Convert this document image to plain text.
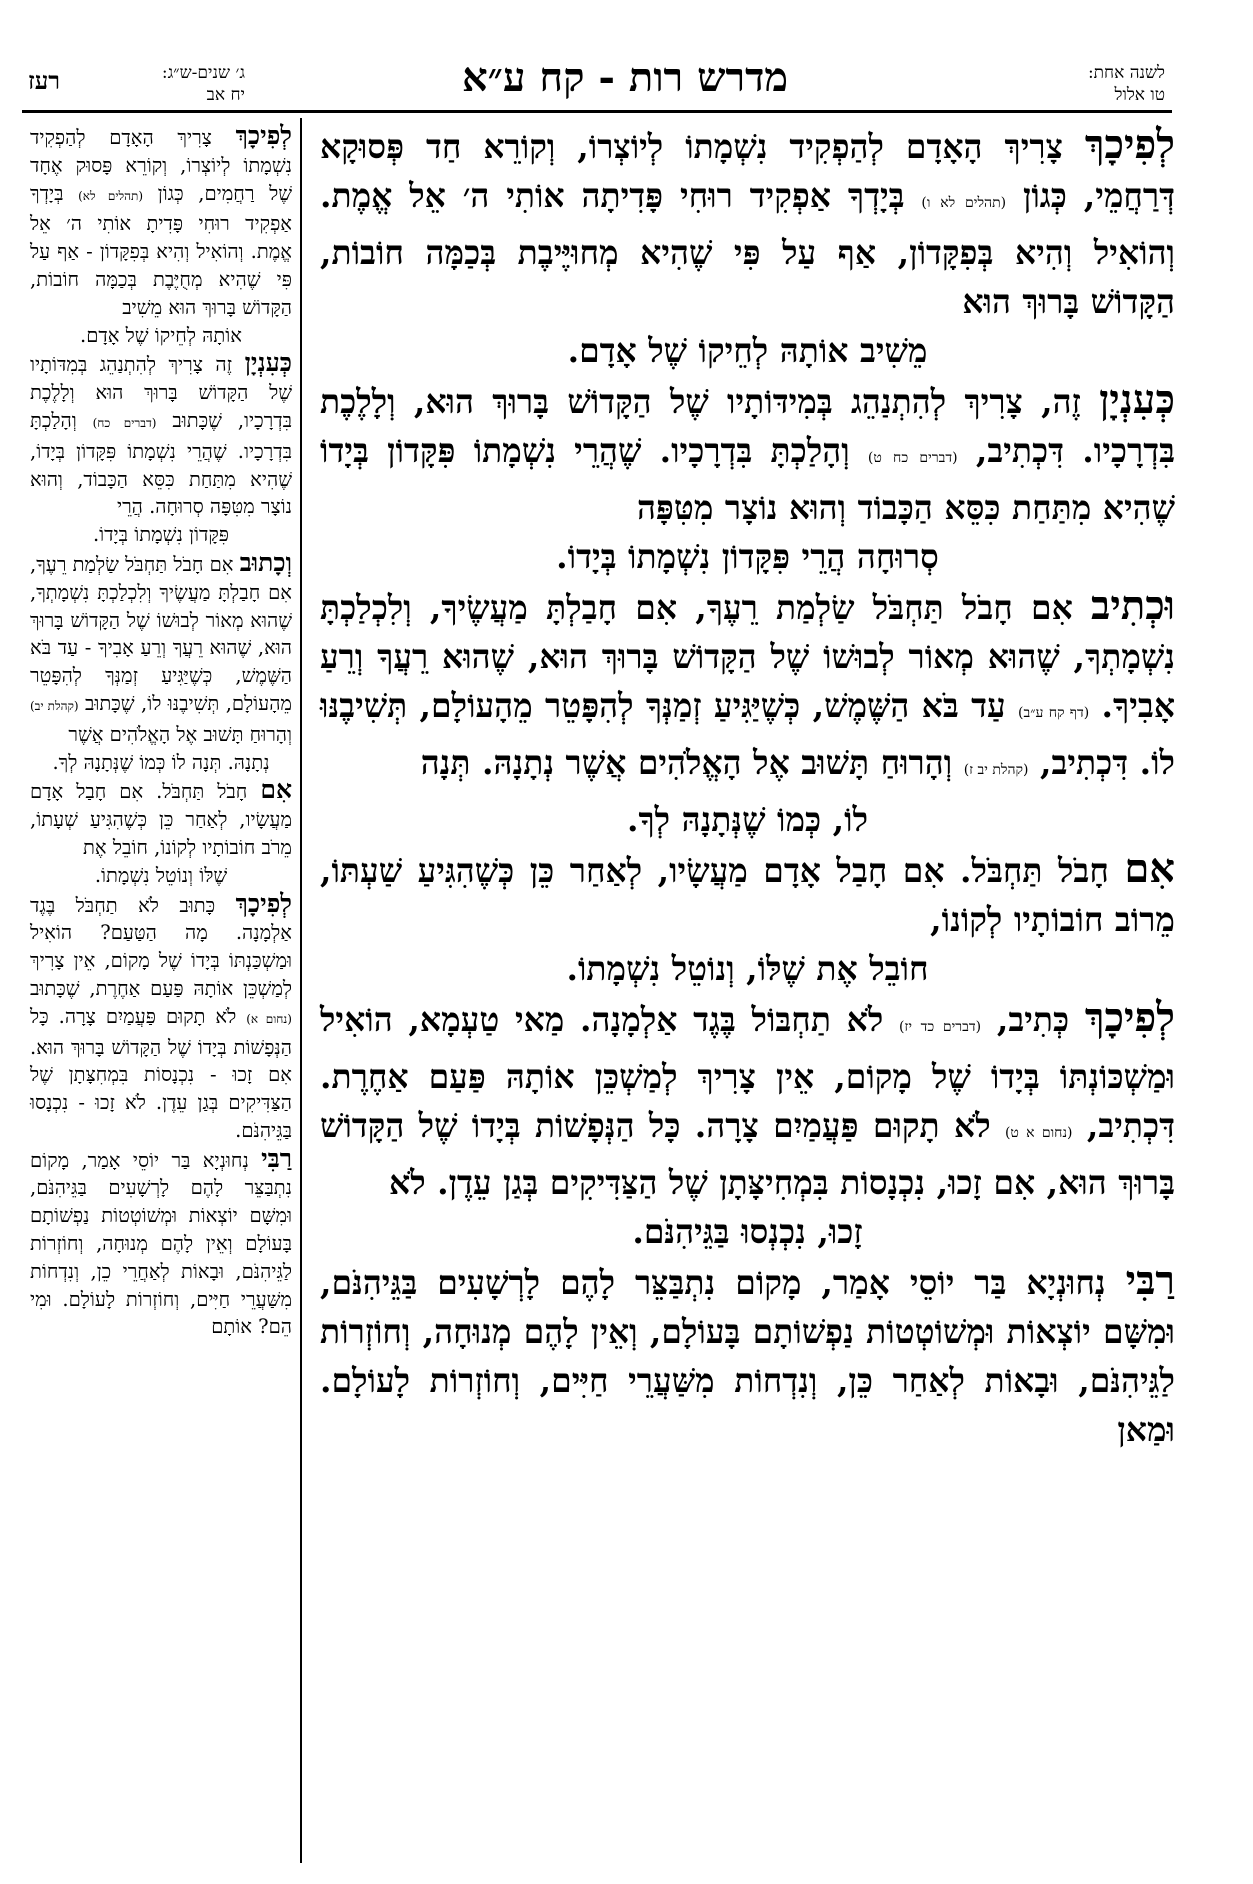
רעז	ג׳ שנים-ש״ג:
יח אב	מדרש רות - קח ע״א	לשנה אחת:
טו אלול

לְפִיכָךְ צָרִיךְ הָאָדָם לְהַפְקִיד נִשְׁמָתוֹ לְיוֹצְרוֹ, וְקוֹרֵא חַד פְּסוּקָא דְּרַחֲמֵי, כְּגוֹן (תהלים לא ו) בְּיָדְךָ אַפְקִיד רוּחִי פָּדִיתָה אוֹתִי ה׳ אֵל אֱמֶת. וְהוֹאִיל וְהִיא בְּפִקָּדוֹן, אַף עַל פִּי שֶׁהִיא מְחוּיֶּיבֶת בְּכַמָּה חוֹבוֹת, הַקָּדוֹשׁ בָּרוּךְ הוּא

מֵשִׁיב אוֹתָהּ לְחֵיקוֹ שֶׁל אָדָם.

כְּעִנְיָן זֶה, צָרִיךְ לְהִתְנַהֵג בְּמִידּוֹתָיו שֶׁל הַקָּדוֹשׁ בָּרוּךְ הוּא, וְלָלֶכֶת בִּדְרָכָיו. דִּכְתִיב, (דברים כח ט) וְהָלַכְתָּ בִּדְרָכָיו. שֶׁהֲרֵי נִשְׁמָתוֹ פִּקָּדוֹן בְּיָדוֹ שֶׁהִיא מִתַּחַת כִּסֵּא הַכָּבוֹד וְהוּא נוֹצָר מִטִּפָּה

סְרוּחָה הֲרֵי פִּקָּדוֹן נִשְׁמָתוֹ בְּיָדוֹ.

וּכְתִיב אִם חָבֹל תַּחְבֹּל שַׂלְמַת רֵעֶךָ, אִם חָבַלְתָּ מַעֲשֶׂיךָ, וְלִכְלַכְתָּ נִשְׁמָתְךָ, שֶׁהוּא מְאוֹר לְבוּשׁוֹ שֶׁל הַקָּדוֹשׁ בָּרוּךְ הוּא, שֶׁהוּא רֵעֲךָ וְרֵעַ אָבִיךָ. (דף קח ע״ב) עַד בֹּא הַשֶּׁמֶשׁ, כְּשֶׁיַּגִּיעַ זְמַנְּךָ לְהִפָּטֵר מֵהָעוֹלָם, תְּשִׁיבֶנּוּ לוֹ. דִּכְתִיב, (קהלת יב ז) וְהָרוּחַ תָּשׁוּב אֶל הָאֱלֹהִים אֲשֶׁר נְתָנָהּ. תְּנָה

לוֹ, כְּמוֹ שֶׁנְּתָנָהּ לְךָ.

אִם חָבֹל תַּחְבֹּל. אִם חָבַל אָדָם מַעֲשָׂיו, לְאַחַר כֵּן כְּשֶׁהִגִּיעַ שַׁעְתּוֹ, מֵרוֹב חוֹבוֹתָיו לְקוֹנוֹ,

חוֹבֵל אֶת שֶׁלּוֹ, וְנוֹטֵל נִשְׁמָתוֹ.

לְפִיכָךְ כְּתִיב, (דברים כד יז) לֹא תַחְבּוֹל בֶּגֶד אַלְמָנָה. מַאי טַעְמָא, הוֹאִיל וּמַשְׁכּוֹנְתּוֹ בְּיָדוֹ שֶׁל מָקוֹם, אֵין צָרִיךְ לְמַשְׁכֵּן אוֹתָהּ פַּעַם אַחֶרֶת. דִּכְתִיב, (נחום א ט) לֹא תָקוּם פַּעֲמַיִם צָרָה. כָּל הַנְּפָשׁוֹת בְּיָדוֹ שֶׁל הַקָּדוֹשׁ בָּרוּךְ הוּא, אִם זָכוּ, נִכְנָסוֹת בִּמְחִיצָּתָן שֶׁל הַצַּדִּיקִים בְּגַן עֵדֶן. לֹא

זָכוּ, נִכְנְסוּ בַּגֵּיהִנֹּם.

רַבִּי נְחוּנְיָא בַּר יוֹסֵי אָמַר, מָקוֹם נִתְבַּצֵּר לָהֶם לָרְשָׁעִים בַּגֵּיהִנֹּם, וּמִשָּׁם יוֹצְאוֹת וּמְשׁוֹטְטוֹת נַפְשׁוֹתָם בָּעוֹלָם, וְאֵין לָהֶם מְנוּחָה, וְחוֹזְרוֹת לַגֵּיהִנֹּם, וּבָאוֹת לְאַחַר כֵּן, וְנִדְחוֹת מִשַּׁעֲרֵי חַיִּים, וְחוֹזְרוֹת לָעוֹלָם. וּמַאן

לְפִיכָךְ צָרִיךְ הָאָדָם לְהַפְקִיד נִשְׁמָתוֹ לְיוֹצְרוֹ, וְקוֹרֵא פָּסוּק אֶחָד שֶׁל רַחֲמִים, כְּגוֹן (תהלים לא) בְּיָדְךָ אַפְקִיד רוּחִי פָּדִיתָ אוֹתִי ה׳ אֵל אֱמֶת. וְהוֹאִיל וְהִיא בְּפִקָּדוֹן - אַף עַל פִּי שֶׁהִיא מְחֻיֶּבֶת בְּכַמָּה חוֹבוֹת, הַקָּדוֹשׁ בָּרוּךְ הוּא מֵשִׁיב

אוֹתָהּ לְחֵיקוֹ שֶׁל אָדָם.

כְּעִנְיָן זֶה צָרִיךְ לְהִתְנַהֵג בְּמִדּוֹתָיו שֶׁל הַקָּדוֹשׁ בָּרוּךְ הוּא וְלָלֶכֶת בִּדְרָכָיו, שֶׁכָּתוּב (דברים כח) וְהָלַכְתָּ בִּדְרָכָיו. שֶׁהֲרֵי נִשְׁמָתוֹ פִּקָּדוֹן בְּיָדוֹ, שֶׁהִיא מִתַּחַת כִּסֵּא הַכָּבוֹד, וְהוּא נוֹצָר מִטִּפָּה סְרוּחָה. הֲרֵי

פִּקָּדוֹן נִשְׁמָתוֹ בְּיָדוֹ.

וְכָתוּב אִם חָבֹל תַּחְבֹּל שַׂלְמַת רֵעֶךָ, אִם חָבַלְתָּ מַעֲשֶׂיךָ וְלִכְלַכְתָּ נִשְׁמָתְךָ, שֶׁהוּא מְאוֹר לְבוּשׁוֹ שֶׁל הַקָּדוֹשׁ בָּרוּךְ הוּא, שֶׁהוּא רֵעֲךָ וְרֵעַ אָבִיךָ - עַד בֹּא הַשֶּׁמֶשׁ, כְּשֶׁיַּגִּיעַ זְמַנְּךָ לְהִפָּטֵר מֵהָעוֹלָם, תְּשִׁיבֶנּוּ לוֹ, שֶׁכָּתוּב (קהלת יב) וְהָרוּחַ תָּשׁוּב אֶל הָאֱלֹהִים אֲשֶׁר

נְתָנָהּ. תְּנָה לוֹ כְּמוֹ שֶׁנְּתָנָהּ לְךָ.

אִם חָבֹל תַּחְבֹּל. אִם חָבַל אָדָם מַעֲשָׂיו, לְאַחַר כֵּן כְּשֶׁהִגִּיעַ שְׁעָתוֹ, מֵרֹב חוֹבוֹתָיו לְקוֹנוֹ, חוֹבֵל אֶת

שֶׁלּוֹ וְנוֹטֵל נִשְׁמָתוֹ.

לְפִיכָךְ כָּתוּב לֹא תַחְבֹּל בֶּגֶד אַלְמָנָה. מָה הַטַּעַם? הוֹאִיל וּמַשְׁכַּנְתּוֹ בְּיָדוֹ שֶׁל מָקוֹם, אֵין צָרִיךְ לְמַשְׁכֵּן אוֹתָהּ פַּעַם אַחֶרֶת, שֶׁכָּתוּב (נחום א) לֹא תָקוּם פַּעֲמַיִם צָרָה. כָּל הַנְּפָשׁוֹת בְּיָדוֹ שֶׁל הַקָּדוֹשׁ בָּרוּךְ הוּא. אִם זָכוּ - נִכְנָסוֹת בִּמְחִצָּתָן שֶׁל הַצַּדִּיקִים בְּגַן עֵדֶן. לֹא זָכוּ - נִכְנָסוּ בַּגֵּיהִנֹּם.

רַבִּי נְחוּנְיָא בַּר יוֹסֵי אָמַר, מָקוֹם נִתְבַּצֵּר לָהֶם לָרְשָׁעִים בַּגֵּיהִנֹּם, וּמִשָּׁם יוֹצְאוֹת וּמְשׁוֹטְטוֹת נַפְשׁוֹתָם בָּעוֹלָם וְאֵין לָהֶם מְנוּחָה, וְחוֹזְרוֹת לַגֵּיהִנֹּם, וּבָאוֹת לְאַחֲרֵי כֵן, וְנִדְחוֹת מִשַּׁעֲרֵי חַיִּים, וְחוֹזְרוֹת לָעוֹלָם. וּמִי הֵם? אוֹתָם
